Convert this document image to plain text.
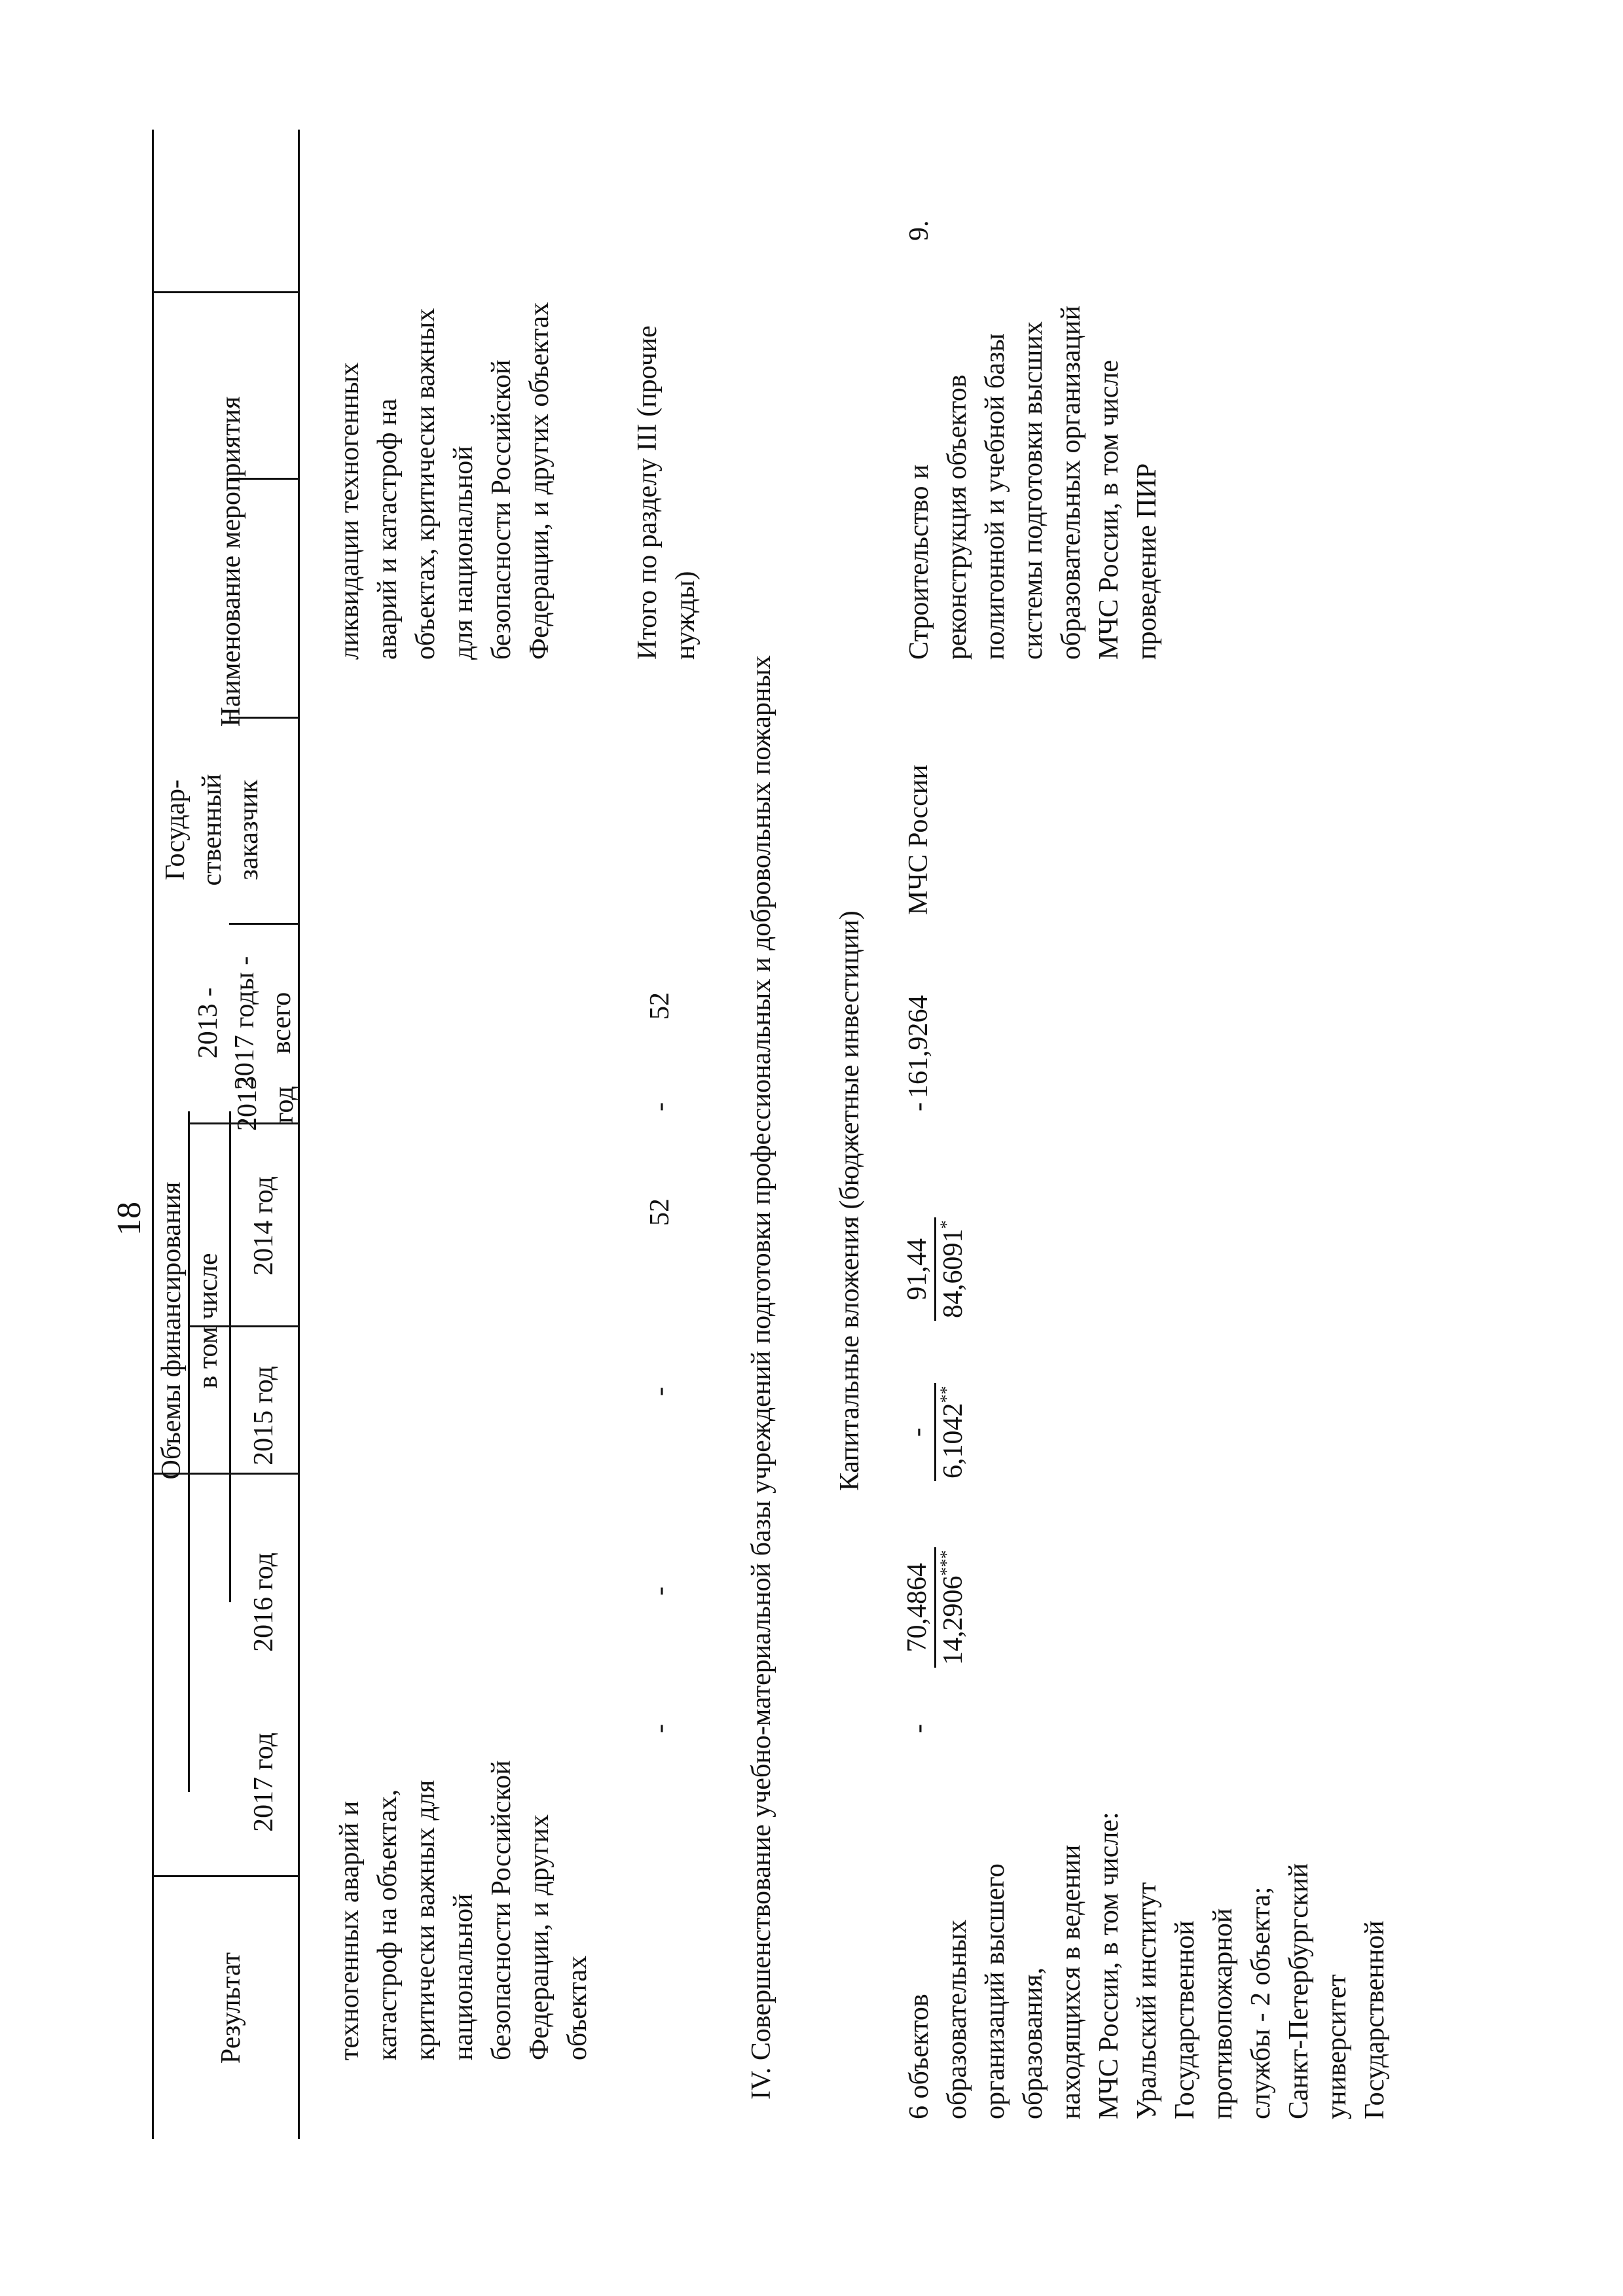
18
Наименование мероприятия
Государ- ственный заказчик
Объемы финансирования
2013 - 2017 годы - всего
в том числе
2013 год
2014 год
2015 год
2016 год
2017 год
Результат
ликвидации техногенных аварий и катастроф на объектах, критически важных для национальной безопасности Российской Федерации, и других объектах
техногенных аварий и катастроф на объектах, критически важных для национальной безопасности Российской Федерации, и других объектах
Итого по разделу III (прочие нужды)
52
-
52
-
-
-	IV. Совершенствование учебно-материальной базы учреждений подготовки профессиональных и добровольных пожарных Капитальные вложения (бюджетные инвестиции)
9.
Строительство и реконструкция объектов полигонной и учебной базы системы подготовки высших образовательных организаций МЧС России, в том числе проведение ПИР
МЧС России
161,9264
-
91,44 84,6091*
- 6,1042**
70,4864 14,2906***
-
6 объектов образовательных организаций высшего образования, находящихся в ведении МЧС России, в том числе: Уральский институт Государственной противопожарной службы - 2 объекта; Санкт-Петербургский университет Государственной
